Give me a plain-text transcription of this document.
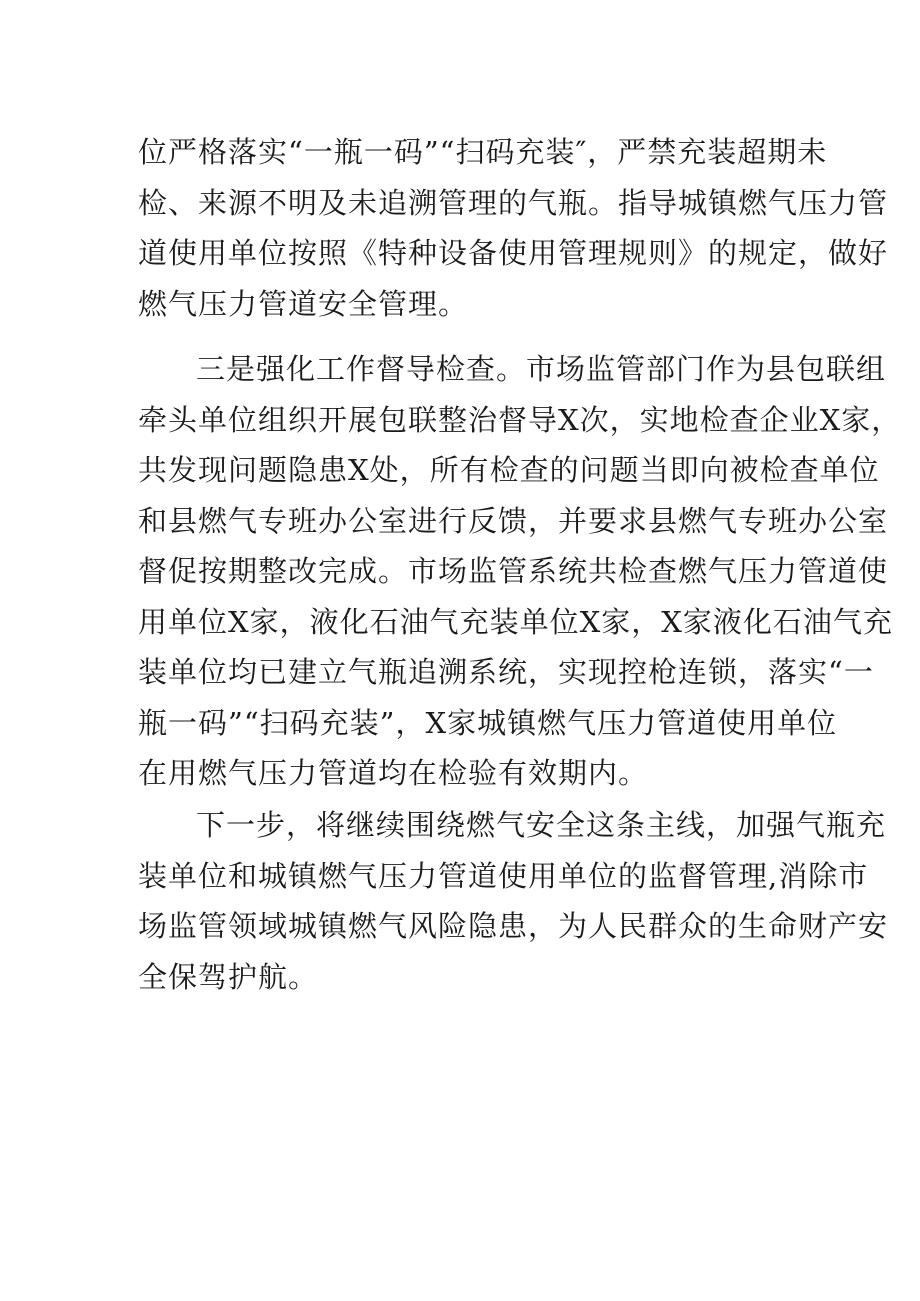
位严格落实“一瓶一码”“扫码充装″，严禁充装超期未
检、来源不明及未追溯管理的气瓶。指导城镇燃气压力管
道使用单位按照《特种设备使用管理规则》的规定，做好
燃气压力管道安全管理。
三是强化工作督导检查。市场监管部门作为县包联组
牵头单位组织开展包联整治督导X次，实地检查企业X家，
共发现问题隐患X处，所有检查的问题当即向被检查单位
和县燃气专班办公室进行反馈，并要求县燃气专班办公室
督促按期整改完成。市场监管系统共检查燃气压力管道使
用单位X家，液化石油气充装单位X家，X家液化石油气充
装单位均已建立气瓶追溯系统，实现控枪连锁，落实“一
瓶一码”“扫码充装”，X家城镇燃气压力管道使用单位
在用燃气压力管道均在检验有效期内。
下一步，将继续围绕燃气安全这条主线，加强气瓶充
装单位和城镇燃气压力管道使用单位的监督管理,消除市
场监管领域城镇燃气风险隐患，为人民群众的生命财产安
全保驾护航。
